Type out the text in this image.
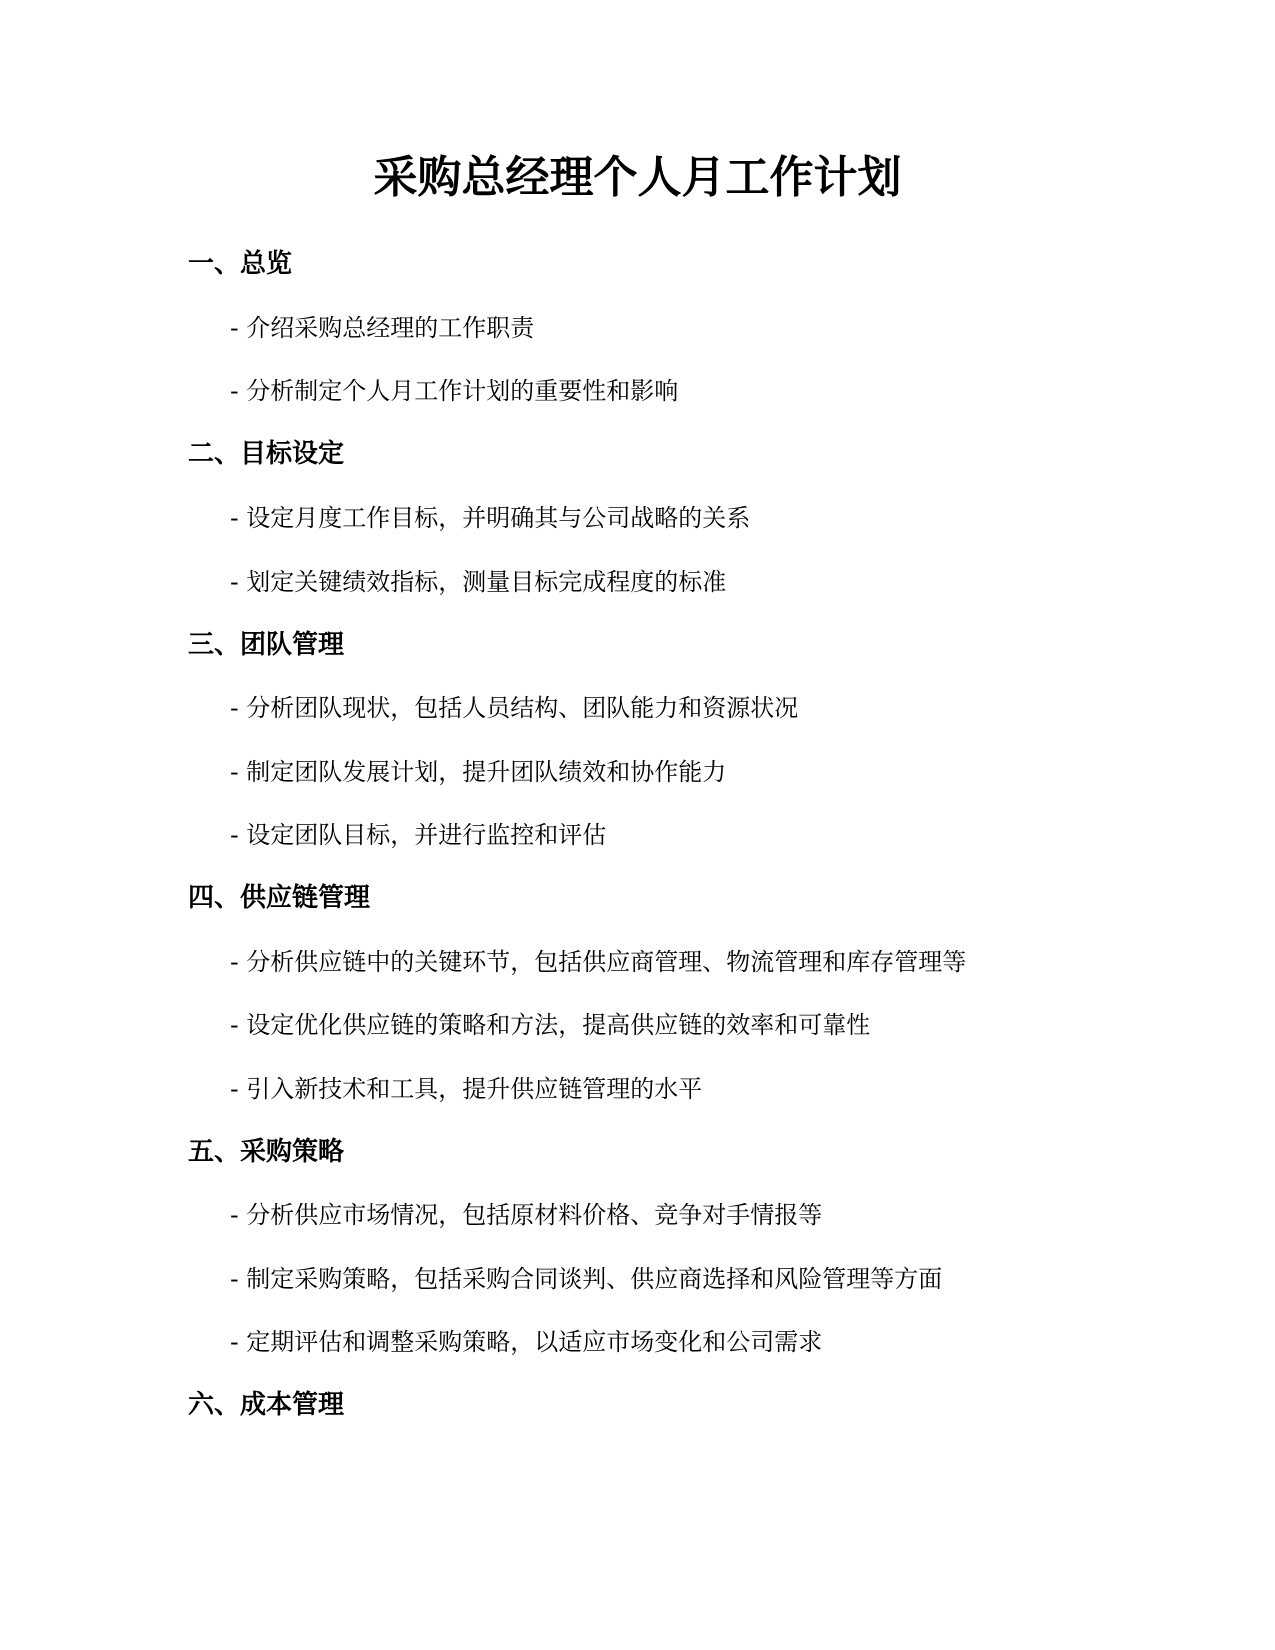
采购总经理个人月工作计划
一、总览

- 介绍采购总经理的工作职责

- 分析制定个人月工作计划的重要性和影响

二、目标设定

- 设定月度工作目标，并明确其与公司战略的关系

- 划定关键绩效指标，测量目标完成程度的标准

三、团队管理

- 分析团队现状，包括人员结构、团队能力和资源状况

- 制定团队发展计划，提升团队绩效和协作能力

- 设定团队目标，并进行监控和评估

四、供应链管理

- 分析供应链中的关键环节，包括供应商管理、物流管理和库存管理等

- 设定优化供应链的策略和方法，提高供应链的效率和可靠性

- 引入新技术和工具，提升供应链管理的水平

五、采购策略

- 分析供应市场情况，包括原材料价格、竞争对手情报等

- 制定采购策略，包括采购合同谈判、供应商选择和风险管理等方面

- 定期评估和调整采购策略，以适应市场变化和公司需求

六、成本管理
